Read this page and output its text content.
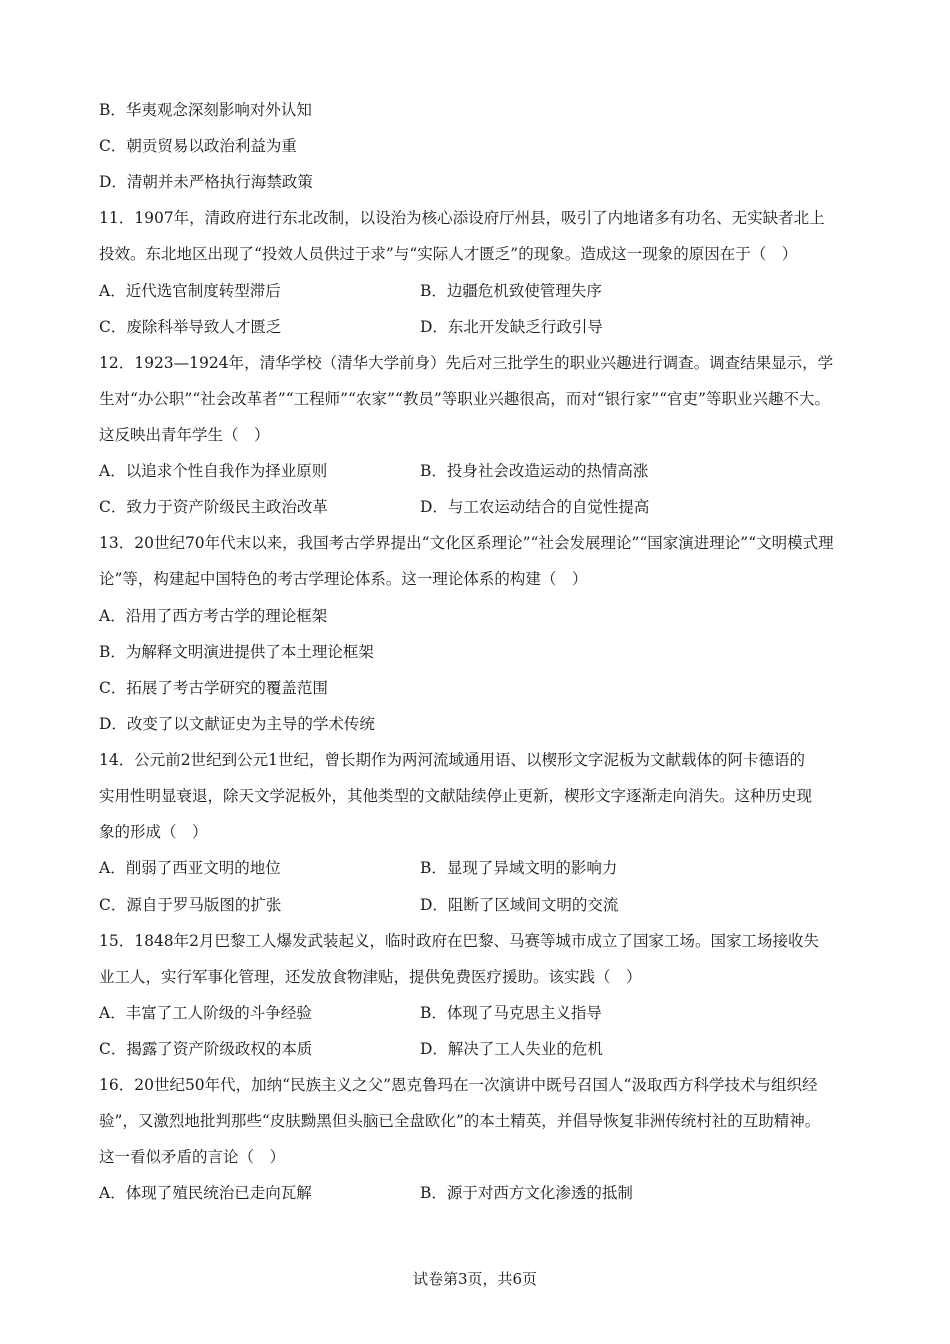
B．华夷观念深刻影响对外认知
C．朝贡贸易以政治利益为重
D．清朝并未严格执行海禁政策
11．1907年，清政府进行东北改制，以设治为核心添设府厅州县，吸引了内地诸多有功名、无实缺者北上
投效。东北地区出现了“投效人员供过于求”与“实际人才匮乏”的现象。造成这一现象的原因在于（　）
A．近代选官制度转型滞后	B．边疆危机致使管理失序
C．废除科举导致人才匮乏	D．东北开发缺乏行政引导
12．1923—1924年，清华学校（清华大学前身）先后对三批学生的职业兴趣进行调查。调查结果显示，学
生对“办公职”“社会改革者”“工程师”“农家”“教员”等职业兴趣很高，而对“银行家”“官吏”等职业兴趣不大。
这反映出青年学生（　）
A．以追求个性自我作为择业原则	B．投身社会改造运动的热情高涨
C．致力于资产阶级民主政治改革	D．与工农运动结合的自觉性提高
13．20世纪70年代末以来，我国考古学界提出“文化区系理论”“社会发展理论”“国家演进理论”“文明模式理
论”等，构建起中国特色的考古学理论体系。这一理论体系的构建（　）
A．沿用了西方考古学的理论框架
B．为解释文明演进提供了本土理论框架
C．拓展了考古学研究的覆盖范围
D．改变了以文献证史为主导的学术传统
14．公元前2世纪到公元1世纪，曾长期作为两河流域通用语、以楔形文字泥板为文献载体的阿卡德语的
实用性明显衰退，除天文学泥板外，其他类型的文献陆续停止更新，楔形文字逐渐走向消失。这种历史现
象的形成（　）
A．削弱了西亚文明的地位	B．显现了异域文明的影响力
C．源自于罗马版图的扩张	D．阻断了区域间文明的交流
15．1848年2月巴黎工人爆发武装起义，临时政府在巴黎、马赛等城市成立了国家工场。国家工场接收失
业工人，实行军事化管理，还发放食物津贴，提供免费医疗援助。该实践（　）
A．丰富了工人阶级的斗争经验	B．体现了马克思主义指导
C．揭露了资产阶级政权的本质	D．解决了工人失业的危机
16．20世纪50年代，加纳“民族主义之父”恩克鲁玛在一次演讲中既号召国人“汲取西方科学技术与组织经
验”，又激烈地批判那些“皮肤黝黑但头脑已全盘欧化”的本土精英，并倡导恢复非洲传统村社的互助精神。
这一看似矛盾的言论（　）
A．体现了殖民统治已走向瓦解	B．源于对西方文化渗透的抵制
试卷第3页，共6页
